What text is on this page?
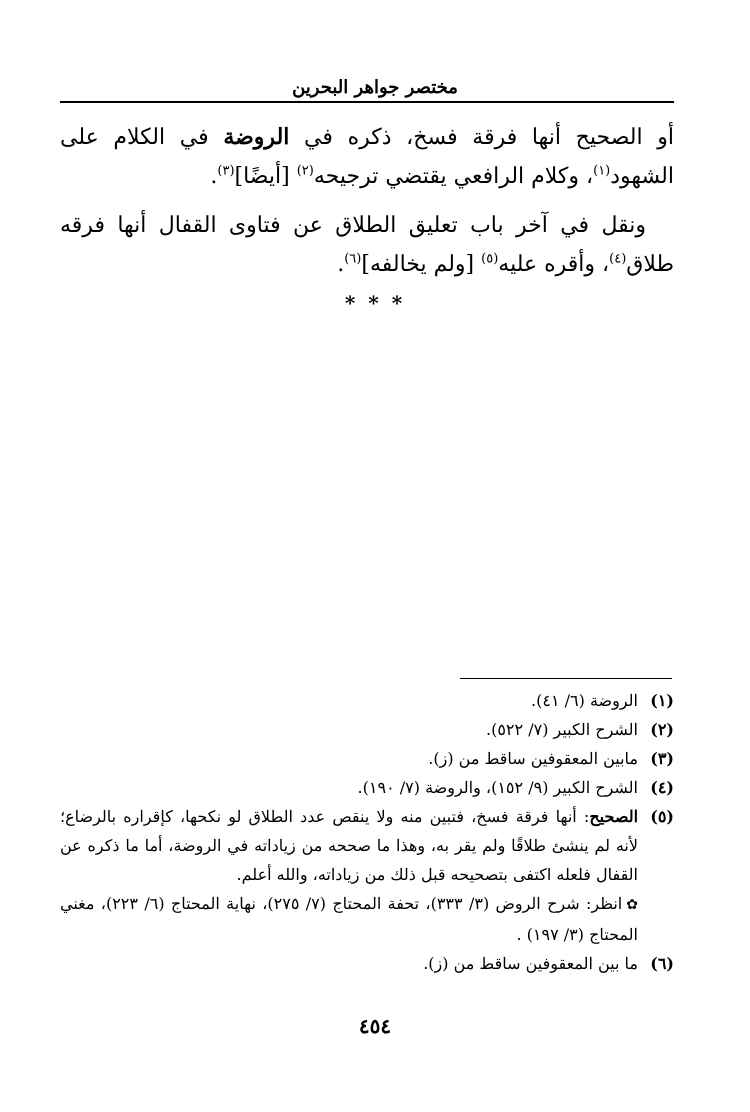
مختصر جواهر البحرين

أو الصحيح أنها فرقة فسخ، ذكره في الروضة في الكلام على الشهود$^{(١)}$، وكلام الرافعي يقتضي ترجيحه$^{(٢)}$ [أيضًا]$^{(٣)}$.

ونقل في آخر باب تعليق الطلاق عن فتاوى القفال أنها فرقه طلاق$^{(٤)}$، وأقره عليه$^{(٥)}$ [ولم يخالفه]$^{(٦)}$.

* * *
(١)
الروضة (٦/ ٤١).
(٢)
الشرح الكبير (٧/ ٥٢٢).
(٣)
مابين المعقوفين ساقط من (ز).
(٤)
الشرح الكبير (٩/ ١٥٢)، والروضة (٧/ ١٩٠).
(٥)

الصحيح: أنها فرقة فسخ، فتبين منه ولا ينقص عدد الطلاق لو نكحها، كإقراره بالرضاع؛ لأنه لم ينشئ طلاقًا ولم يقر به، وهذا ما صححه من زياداته في الروضة، أما ما ذكره عن القفال فلعله اكتفى بتصحيحه قبل ذلك من زياداته، والله أعلم.

✿انظر: شرح الروض (٣/ ٣٣٣)، تحفة المحتاج (٧/ ٢٧٥)، نهاية المحتاج (٦/ ٢٢٣)، مغني المحتاج (٣/ ١٩٧) .

(٦)
ما بين المعقوفين ساقط من (ز).
٤٥٤
